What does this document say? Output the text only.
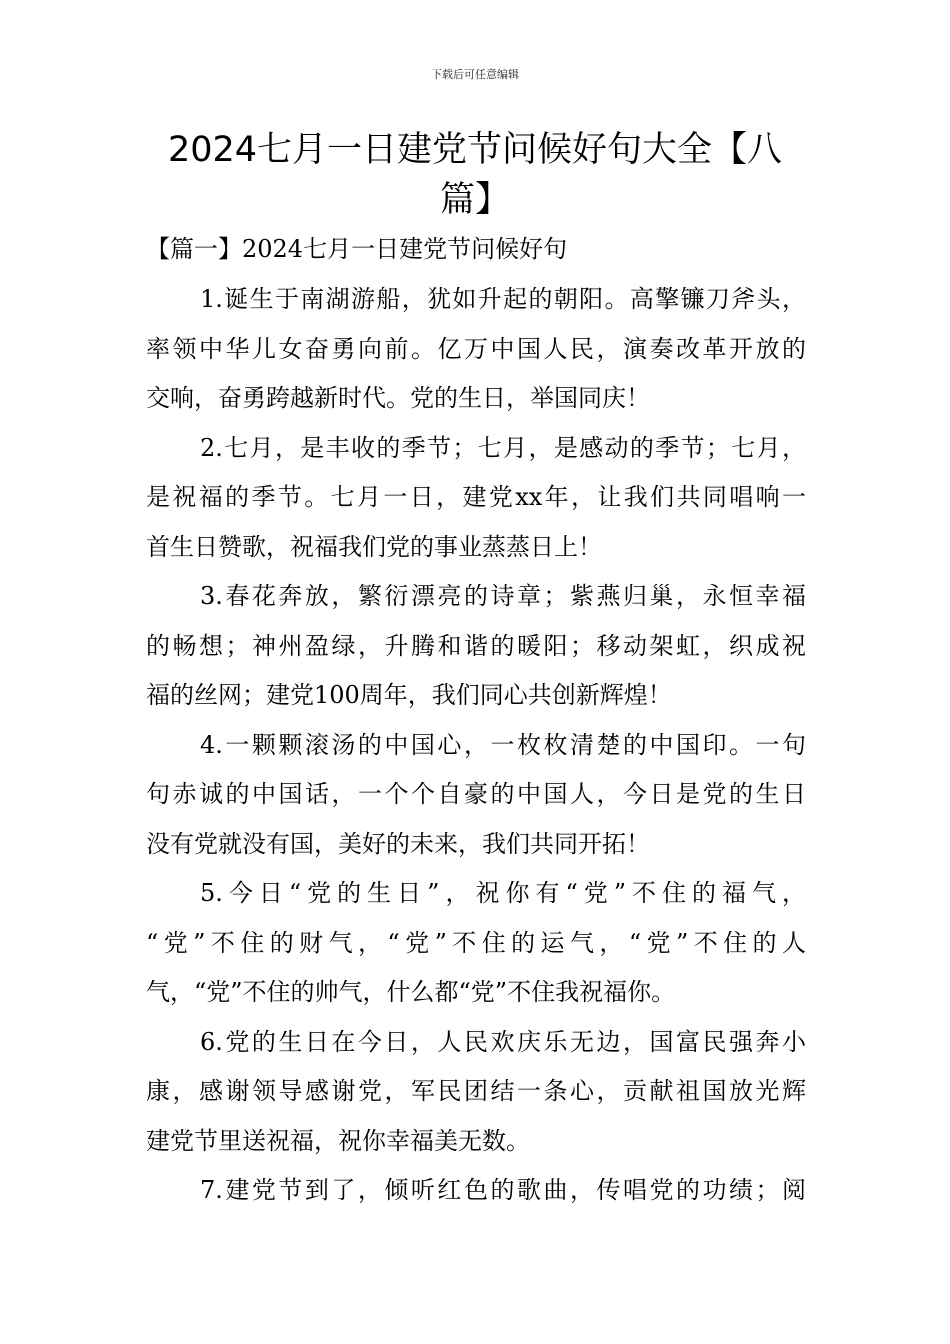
下载后可任意编辑
2024七月一日建党节问候好句大全【八
篇】
【篇一】2024七月一日建党节问候好句

1.诞生于南湖游船，犹如升起的朝阳。高擎镰刀斧头，
率领中华儿女奋勇向前。亿万中国人民，演奏改革开放的
交响，奋勇跨越新时代。党的生日，举国同庆！

2.七月，是丰收的季节；七月，是感动的季节；七月，
是祝福的季节。七月一日，建党xx年，让我们共同唱响一
首生日赞歌，祝福我们党的事业蒸蒸日上！

3.春花奔放，繁衍漂亮的诗章；紫燕归巢，永恒幸福
的畅想；神州盈绿，升腾和谐的暖阳；移动架虹，织成祝
福的丝网；建党100周年，我们同心共创新辉煌！

4.一颗颗滚汤的中国心，一枚枚清楚的中国印。一句
句赤诚的中国话，一个个自豪的中国人，今日是党的生日
没有党就没有国，美好的未来，我们共同开拓！

5.今日“党的生日”，祝你有“党”不住的福气，
“党”不住的财气，“党”不住的运气，“党”不住的人
气，“党”不住的帅气，什么都“党”不住我祝福你。

6.党的生日在今日，人民欢庆乐无边，国富民强奔小
康，感谢领导感谢党，军民团结一条心，贡献祖国放光辉
建党节里送祝福，祝你幸福美无数。

7.建党节到了，倾听红色的歌曲，传唱党的功绩；阅
